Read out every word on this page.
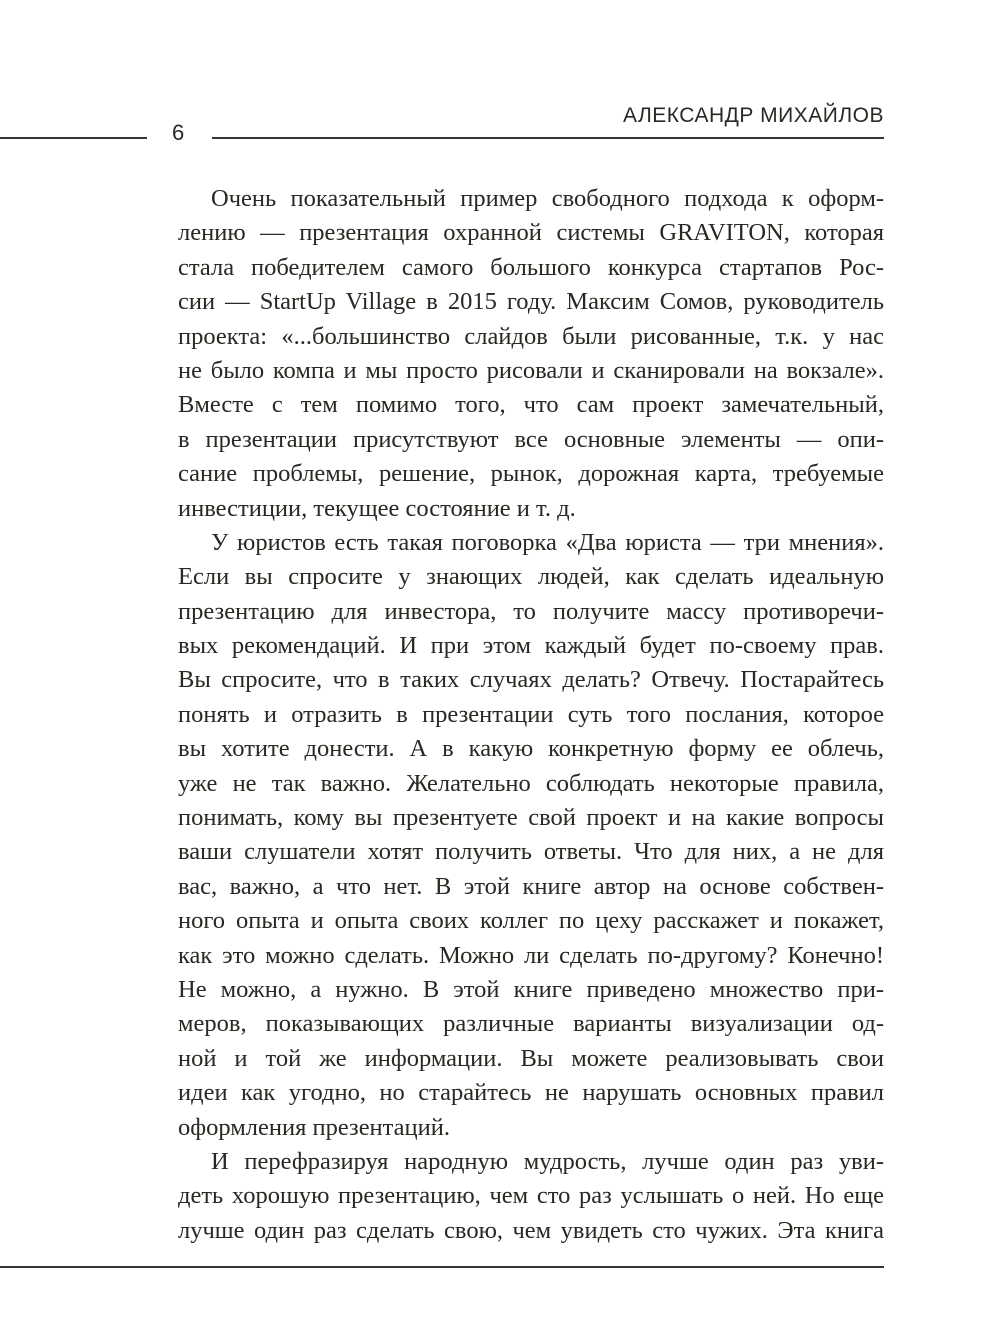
6
АЛЕКСАНДР МИХАЙЛОВ
Очень показательный пример свободного подхода к оформ-
лению — презентация охранной системы GRAVITON, которая
стала победителем самого большого конкурса стартапов Рос-
сии — StartUp Village в 2015 году. Максим Сомов, руководитель
проекта: «...большинство слайдов были рисованные, т.к. у нас
не было компа и мы просто рисовали и сканировали на вокзале».
Вместе с тем помимо того, что сам проект замечательный,
в презентации присутствуют все основные элементы — опи-
сание проблемы, решение, рынок, дорожная карта, требуемые
инвестиции, текущее состояние и т. д.
У юристов есть такая поговорка «Два юриста — три мнения».
Если вы спросите у знающих людей, как сделать идеальную
презентацию для инвестора, то получите массу противоречи-
вых рекомендаций. И при этом каждый будет по-своему прав.
Вы спросите, что в таких случаях делать? Отвечу. Постарайтесь
понять и отразить в презентации суть того послания, которое
вы хотите донести. А в какую конкретную форму ее облечь,
уже не так важно. Желательно соблюдать некоторые правила,
понимать, кому вы презентуете свой проект и на какие вопросы
ваши слушатели хотят получить ответы. Что для них, а не для
вас, важно, а что нет. В этой книге автор на основе собствен-
ного опыта и опыта своих коллег по цеху расскажет и покажет,
как это можно сделать. Можно ли сделать по-другому? Конечно!
Не можно, а нужно. В этой книге приведено множество при-
меров, показывающих различные варианты визуализации од-
ной и той же информации. Вы можете реализовывать свои
идеи как угодно, но старайтесь не нарушать основных правил
оформления презентаций.
И перефразируя народную мудрость, лучше один раз уви-
деть хорошую презентацию, чем сто раз услышать о ней. Но еще
лучше один раз сделать свою, чем увидеть сто чужих. Эта книга
